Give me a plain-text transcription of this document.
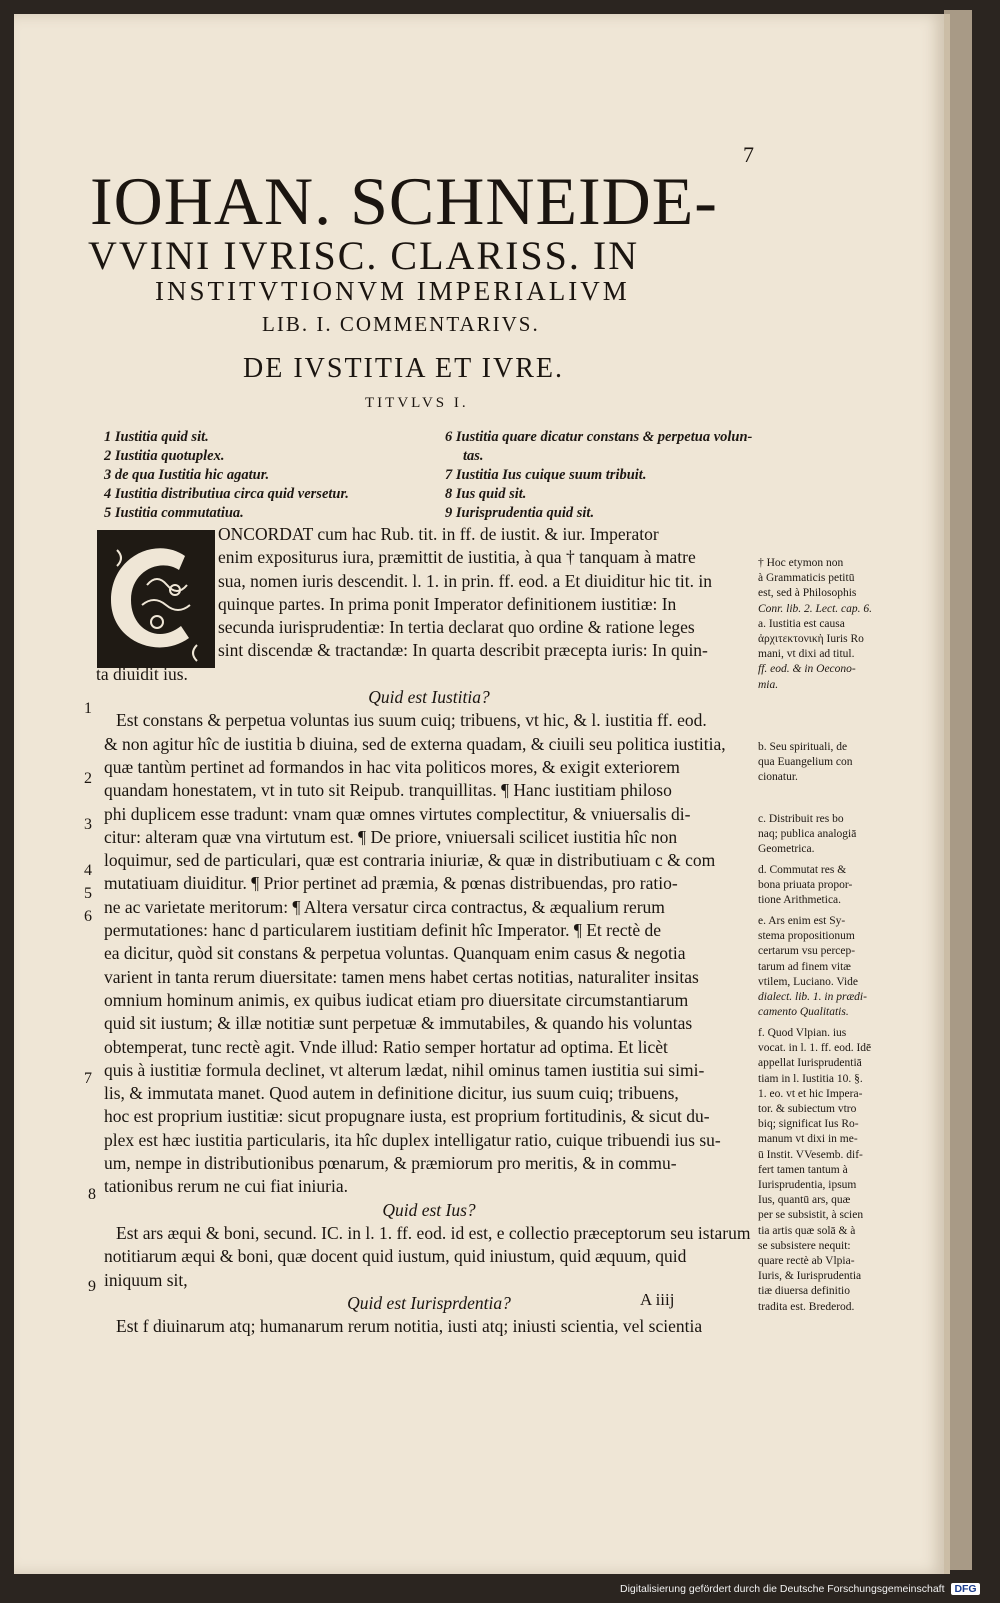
7
IOHAN. SCHNEIDE-
VVINI IVRISC. CLARISS. IN
INSTITVTIONVM IMPERIALIVM
LIB. I. COMMENTARIVS.
DE IVSTITIA ET IVRE.
TITVLVS I.
1 Iustitia quid sit.
2 Iustitia quotuplex.
3 de qua Iustitia hic agatur.
4 Iustitia distributiua circa quid versetur.
5 Iustitia commutatiua.
6 Iustitia quare dicatur constans & perpetua volun-
tas.
7 Iustitia Ius cuique suum tribuit.
8 Ius quid sit.
9 Iurisprudentia quid sit.
ONCORDAT cum hac Rub. tit. in ff. de iustit. & iur. Imperator
enim expositurus iura, præmittit de iustitia, à qua † tanquam à matre
sua, nomen iuris descendit. l. 1. in prin. ff. eod. a Et diuiditur hic tit. in
quinque partes. In prima ponit Imperator definitionem iustitiæ: In
secunda iurisprudentiæ: In tertia declarat quo ordine & ratione leges
sint discendæ & tractandæ: In quarta describit præcepta iuris: In quin-
ta diuidit ius.
Quid est Iustitia?
Est constans & perpetua voluntas ius suum cuiq; tribuens, vt hic, & l. iustitia ff. eod.
& non agitur hîc de iustitia b diuina, sed de externa quadam, & ciuili seu politica iustitia,
quæ tantùm pertinet ad formandos in hac vita politicos mores, & exigit exteriorem
quandam honestatem, vt in tuto sit Reipub. tranquillitas. ¶ Hanc iustitiam philoso
phi duplicem esse tradunt: vnam quæ omnes virtutes complectitur, & vniuersalis di-
citur: alteram quæ vna virtutum est. ¶ De priore, vniuersali scilicet iustitia hîc non
loquimur, sed de particulari, quæ est contraria iniuriæ, & quæ in distributiuam c & com
mutatiuam diuiditur. ¶ Prior pertinet ad præmia, & pœnas distribuendas, pro ratio-
ne ac varietate meritorum: ¶ Altera versatur circa contractus, & æqualium rerum
permutationes: hanc d particularem iustitiam definit hîc Imperator. ¶ Et rectè de
ea dicitur, quòd sit constans & perpetua voluntas. Quanquam enim casus & negotia
varient in tanta rerum diuersitate: tamen mens habet certas notitias, naturaliter insitas
omnium hominum animis, ex quibus iudicat etiam pro diuersitate circumstantiarum
quid sit iustum; & illæ notitiæ sunt perpetuæ & immutabiles, & quando his voluntas
obtemperat, tunc rectè agit. Vnde illud: Ratio semper hortatur ad optima. Et licèt
quis à iustitiæ formula declinet, vt alterum lædat, nihil ominus tamen iustitia sui simi-
lis, & immutata manet. Quod autem in definitione dicitur, ius suum cuiq; tribuens,
hoc est proprium iustitiæ: sicut propugnare iusta, est proprium fortitudinis, & sicut du-
plex est hæc iustitia particularis, ita hîc duplex intelligatur ratio, cuique tribuendi ius su-
um, nempe in distributionibus pœnarum, & præmiorum pro meritis, & in commu-
tationibus rerum ne cui fiat iniuria.
Quid est Ius?
Est ars æqui & boni, secund. IC. in l. 1. ff. eod. id est, e collectio præceptorum seu istarum
notitiarum æqui & boni, quæ docent quid iustum, quid iniustum, quid æquum, quid
iniquum sit,
Quid est Iurisprdentia?
Est f diuinarum atq; humanarum rerum notitia, iusti atq; iniusti scientia, vel scientia
1
2
3
4
5
6
7
8
9
† Hoc etymon non
à Grammaticis petitū
est, sed à Philosophis
Conr. lib. 2. Lect. cap. 6.
a. Iustitia est causa
ἀρχιτεκτονικὴ Iuris Ro
mani, vt dixi ad titul.
ff. eod. & in Oecono-
mia.
b. Seu spirituali, de
qua Euangelium con
cionatur.
c. Distribuit res bo
naq; publica analogiā
Geometrica.
d. Commutat res &
bona priuata propor-
tione Arithmetica.
e. Ars enim est Sy-
stema propositionum
certarum vsu percep-
tarum ad finem vitæ
vtilem, Luciano. Vide
dialect. lib. 1. in prædi-
camento Qualitatis.
f. Quod Vlpian. ius
vocat. in l. 1. ff. eod. Idē
appellat Iurisprudentiā
tiam in l. Iustitia 10. §.
1. eo. vt et hic Impera-
tor. & subiectum vtro
biq; significat Ius Ro-
manum vt dixi in me-
ū Instit. VVesemb. dif-
fert tamen tantum à
Iurisprudentia, ipsum
Ius, quantū ars, quæ
per se subsistit, à scien
tia artis quæ solā & à
se subsistere nequit:
quare rectè ab Vlpia-
Iuris, & Iurisprudentia
tiæ diuersa definitio
tradita est. Brederod.
A iiij
Digitalisierung gefördert durch die Deutsche Forschungsgemeinschaft DFG
